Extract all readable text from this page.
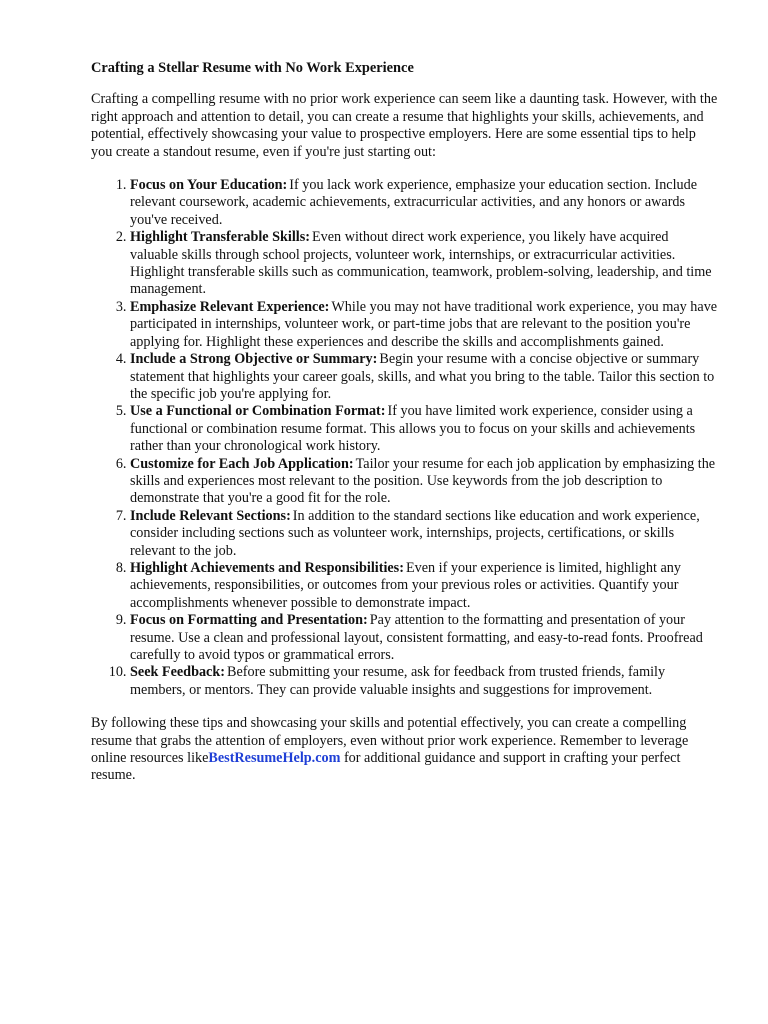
Crafting a Stellar Resume with No Work Experience

Crafting a compelling resume with no prior work experience can seem like a daunting task. However, with the right approach and attention to detail, you can create a resume that highlights your skills, achievements, and potential, effectively showcasing your value to prospective employers. Here are some essential tips to help you create a standout resume, even if you're just starting out:

1. Focus on Your Education: If you lack work experience, emphasize your education section. Include relevant coursework, academic achievements, extracurricular activities, and any honors or awards you've received.
2. Highlight Transferable Skills: Even without direct work experience, you likely have acquired valuable skills through school projects, volunteer work, internships, or extracurricular activities. Highlight transferable skills such as communication, teamwork, problem-solving, leadership, and time management.
3. Emphasize Relevant Experience: While you may not have traditional work experience, you may have participated in internships, volunteer work, or part-time jobs that are relevant to the position you're applying for. Highlight these experiences and describe the skills and accomplishments gained.
4. Include a Strong Objective or Summary: Begin your resume with a concise objective or summary statement that highlights your career goals, skills, and what you bring to the table. Tailor this section to the specific job you're applying for.
5. Use a Functional or Combination Format: If you have limited work experience, consider using a functional or combination resume format. This allows you to focus on your skills and achievements rather than your chronological work history.
6. Customize for Each Job Application: Tailor your resume for each job application by emphasizing the skills and experiences most relevant to the position. Use keywords from the job description to demonstrate that you're a good fit for the role.
7. Include Relevant Sections: In addition to the standard sections like education and work experience, consider including sections such as volunteer work, internships, projects, certifications, or skills relevant to the job.
8. Highlight Achievements and Responsibilities: Even if your experience is limited, highlight any achievements, responsibilities, or outcomes from your previous roles or activities. Quantify your accomplishments whenever possible to demonstrate impact.
9. Focus on Formatting and Presentation: Pay attention to the formatting and presentation of your resume. Use a clean and professional layout, consistent formatting, and easy-to-read fonts. Proofread carefully to avoid typos or grammatical errors.
10. Seek Feedback: Before submitting your resume, ask for feedback from trusted friends, family members, or mentors. They can provide valuable insights and suggestions for improvement.

By following these tips and showcasing your skills and potential effectively, you can create a compelling resume that grabs the attention of employers, even without prior work experience. Remember to leverage online resources likeBestResumeHelp.com for additional guidance and support in crafting your perfect resume.
